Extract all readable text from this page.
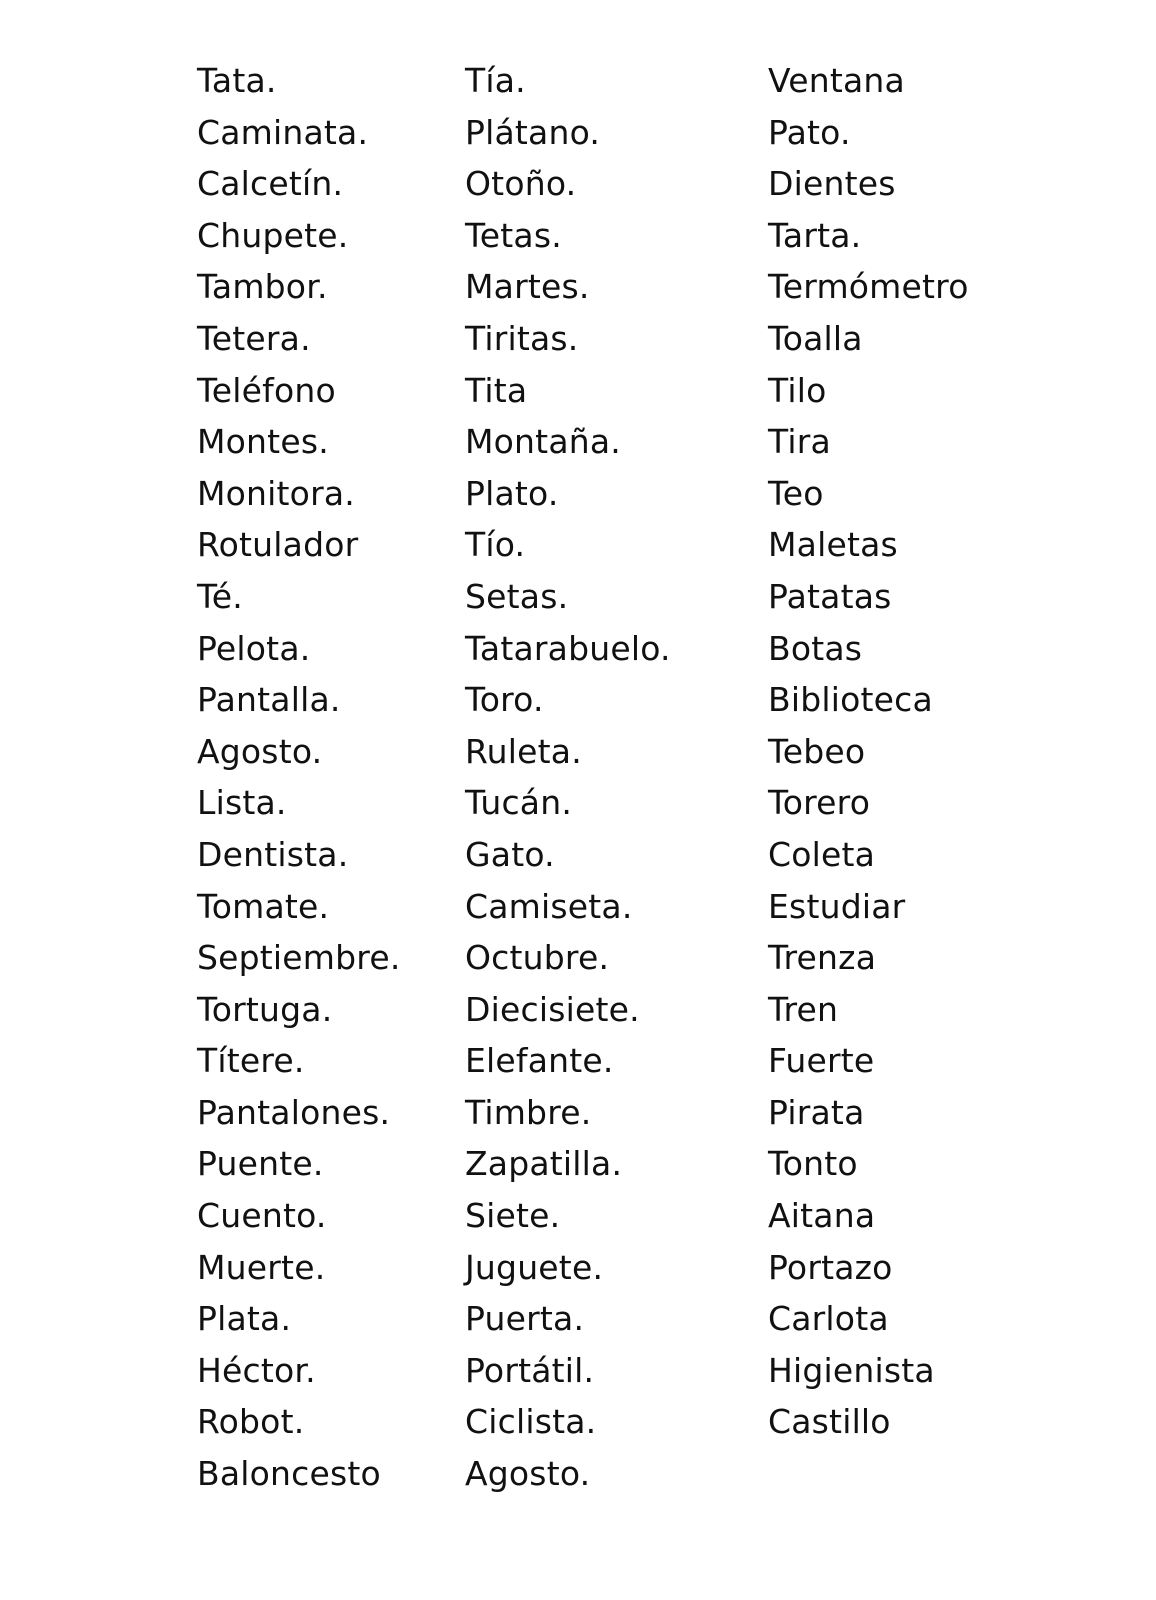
Tata.
Caminata.
Calcetín.
Chupete.
Tambor.
Tetera.
Teléfono
Montes.
Monitora.
Rotulador
Té.
Pelota.
Pantalla.
Agosto.
Lista.
Dentista.
Tomate.
Septiembre.
Tortuga.
Títere.
Pantalones.
Puente.
Cuento.
Muerte.
Plata.
Héctor.
Robot.
Baloncesto
Tía.
Plátano.
Otoño.
Tetas.
Martes.
Tiritas.
Tita
Montaña.
Plato.
Tío.
Setas.
Tatarabuelo.
Toro.
Ruleta.
Tucán.
Gato.
Camiseta.
Octubre.
Diecisiete.
Elefante.
Timbre.
Zapatilla.
Siete.
Juguete.
Puerta.
Portátil.
Ciclista.
Agosto.
Ventana
Pato.
Dientes
Tarta.
Termómetro
Toalla
Tilo
Tira
Teo
Maletas
Patatas
Botas
Biblioteca
Tebeo
Torero
Coleta
Estudiar
Trenza
Tren
Fuerte
Pirata
Tonto
Aitana
Portazo
Carlota
Higienista
Castillo
